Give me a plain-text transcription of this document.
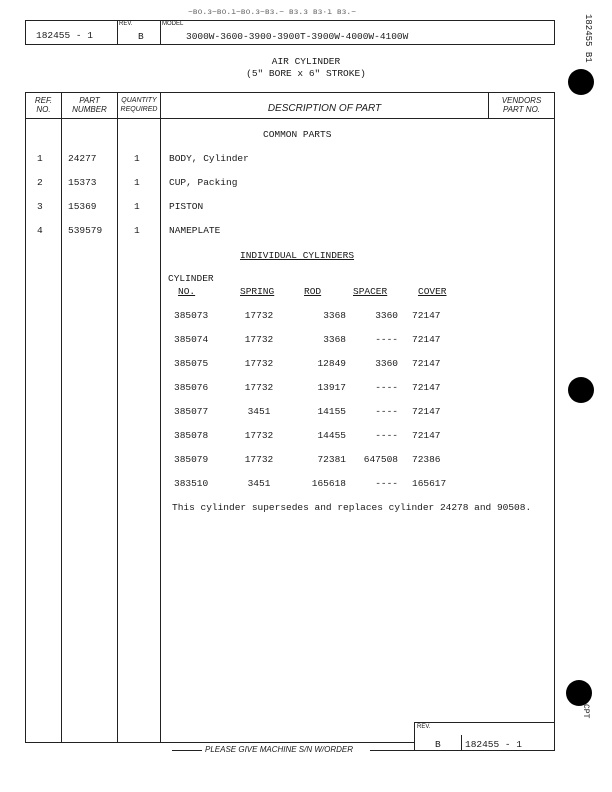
−во.з−во.ı−во.з−вз.− вз.з вз∙ı вз.−
182455 - 1
REV.
B
MODEL
3000W-3600-3900-3900T-3900W-4000W-4100W
AIR CYLINDER
(5" BORE x 6" STROKE)
REF.
NO.
PART
NUMBER
QUANTITY
REQUIRED	DESCRIPTION OF PART
VENDORS
PART NO.
COMMON PARTS
1	24277	1	BODY, Cylinder
2	15373	1	CUP, Packing
3	15369	1	PISTON
4	539579	1	NAMEPLATE
INDIVIDUAL CYLINDERS
CYLINDER
NO.	SPRING	ROD	SPACER	COVER
385073	17732	3368	3360 72147
385074	17732	3368	---- 72147
385075	17732	12849	3360 72147
385076	17732	13917	---- 72147
385077	3451	14155	---- 72147
385078	17732	14455	---- 72147
385079	17732	72381	647508 72386
383510	3451	165618	---- 165617
This cylinder supersedes and replaces cylinder 24278 and 90508.
REV.
B	182455 - 1
PLEASE GIVE MACHINE S/N W/ORDER
182455 B1
CPT
